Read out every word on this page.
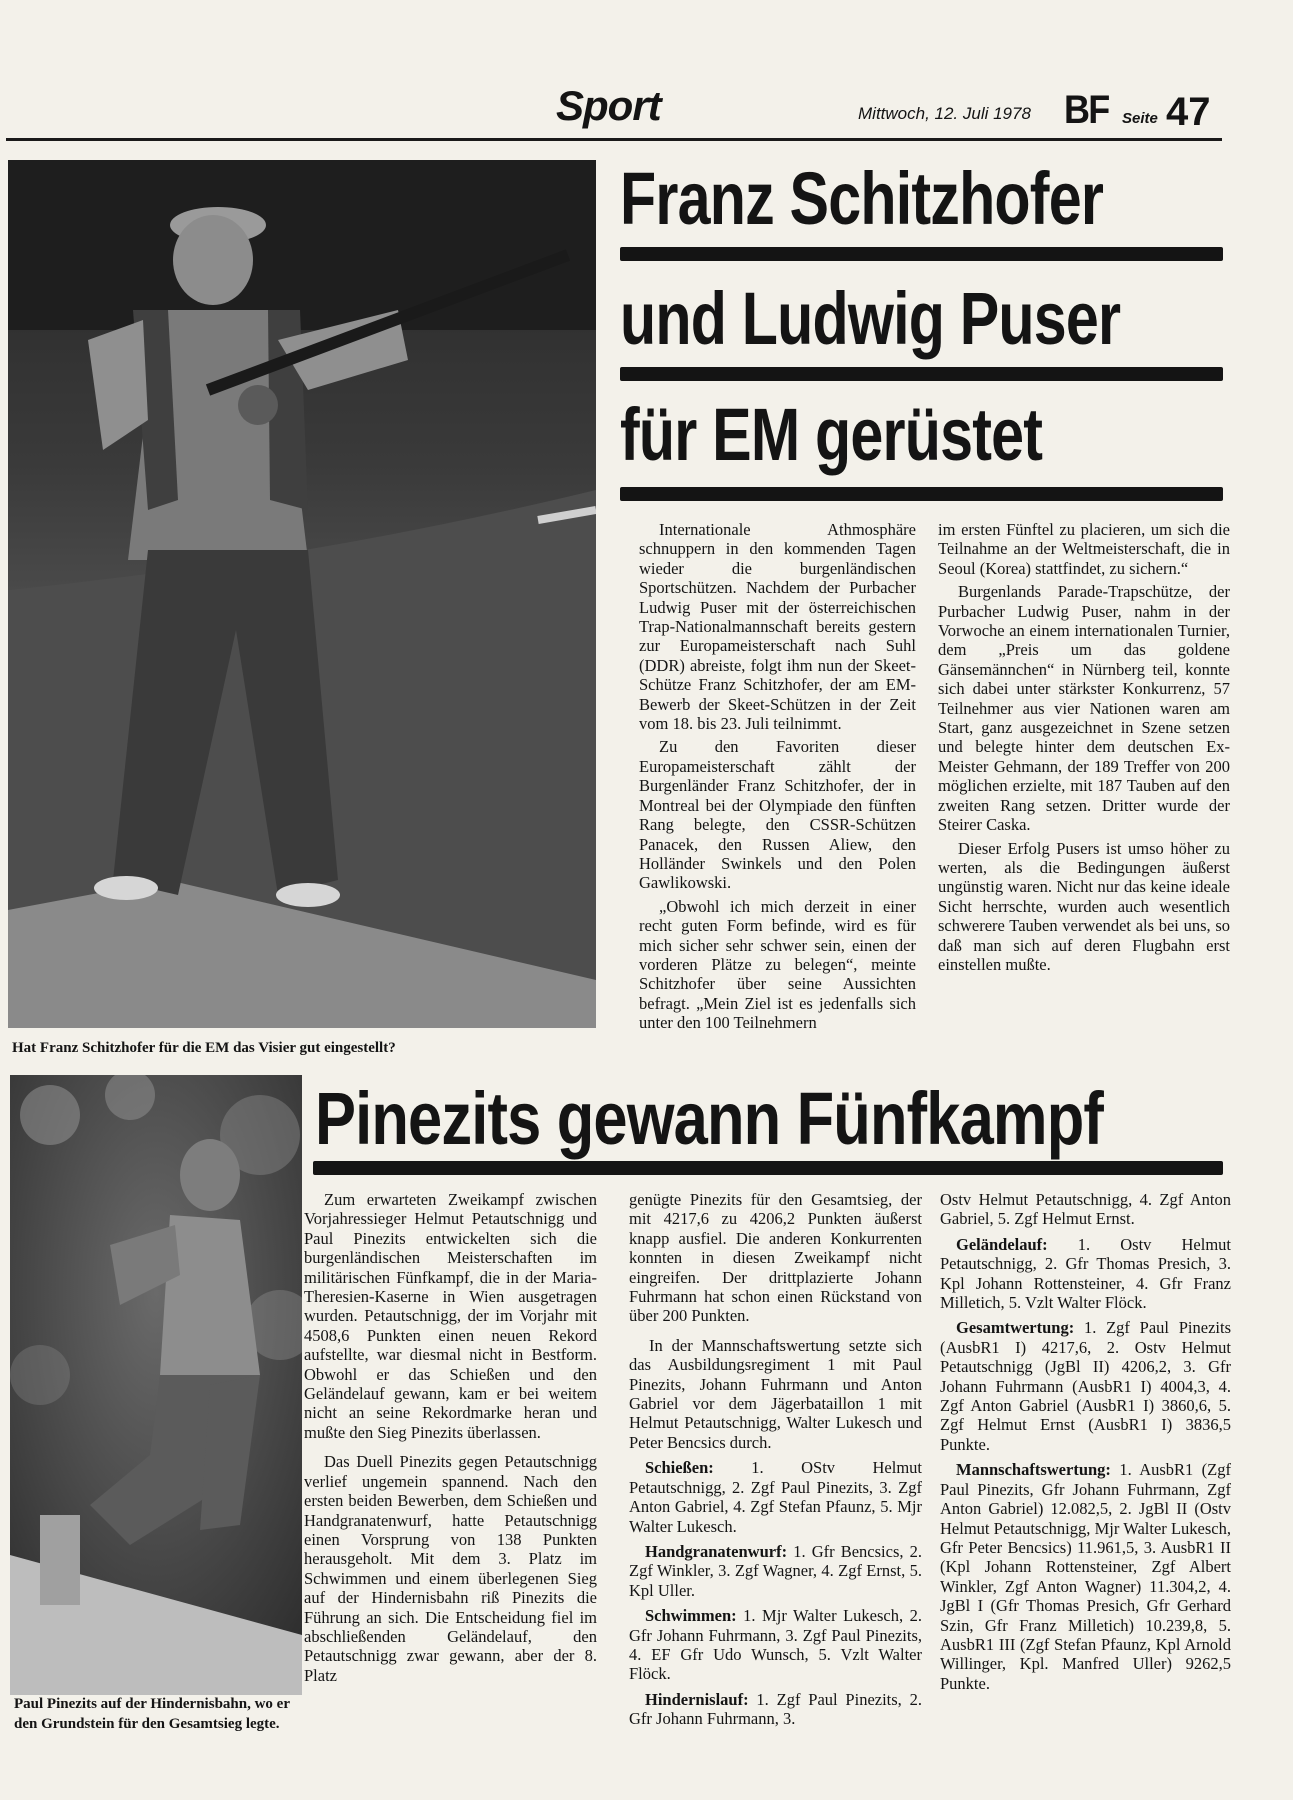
Sport	Mittwoch, 12. Juli 1978 BF Seite 47
Hat Franz Schitzhofer für die EM das Visier gut eingestellt?
Franz Schitzhofer
und Ludwig Puser
für EM gerüstet

Internationale Athmosphäre schnuppern in den kommenden Tagen wieder die burgenländischen Sportschützen. Nachdem der Purbacher Ludwig Puser mit der österreichischen Trap-Nationalmannschaft bereits gestern zur Europameisterschaft nach Suhl (DDR) abreiste, folgt ihm nun der Skeet-Schütze Franz Schitzhofer, der am EM-Bewerb der Skeet-Schützen in der Zeit vom 18. bis 23. Juli teilnimmt.

Zu den Favoriten dieser Europameisterschaft zählt der Burgenländer Franz Schitzhofer, der in Montreal bei der Olympiade den fünften Rang belegte, den CSSR-Schützen Panacek, den Russen Aliew, den Holländer Swinkels und den Polen Gawlikowski.

„Obwohl ich mich derzeit in einer recht guten Form befinde, wird es für mich sicher sehr schwer sein, einen der vorderen Plätze zu belegen“, meinte Schitzhofer über seine Aussichten befragt. „Mein Ziel ist es jedenfalls sich unter den 100 Teilnehmern

im ersten Fünftel zu placieren, um sich die Teilnahme an der Weltmeisterschaft, die in Seoul (Korea) stattfindet, zu sichern.“

Burgenlands Parade-Trapschütze, der Purbacher Ludwig Puser, nahm in der Vorwoche an einem internationalen Turnier, dem „Preis um das goldene Gänsemännchen“ in Nürnberg teil, konnte sich dabei unter stärkster Konkurrenz, 57 Teilnehmer aus vier Nationen waren am Start, ganz ausgezeichnet in Szene setzen und belegte hinter dem deutschen Ex-Meister Gehmann, der 189 Treffer von 200 möglichen erzielte, mit 187 Tauben auf den zweiten Rang setzen. Dritter wurde der Steirer Caska.

Dieser Erfolg Pusers ist umso höher zu werten, als die Bedingungen äußerst ungünstig waren. Nicht nur das keine ideale Sicht herrschte, wurden auch wesentlich schwerere Tauben verwendet als bei uns, so daß man sich auf deren Flugbahn erst einstellen mußte.

Paul Pinezits auf der Hindernisbahn, wo er den Grundstein für den Gesamtsieg legte.
Pinezits gewann Fünfkampf

Zum erwarteten Zweikampf zwischen Vorjahressieger Helmut Petautschnigg und Paul Pinezits entwickelten sich die burgenländischen Meisterschaften im militärischen Fünfkampf, die in der Maria-Theresien-Kaserne in Wien ausgetragen wurden. Petautschnigg, der im Vorjahr mit 4508,6 Punkten einen neuen Rekord aufstellte, war diesmal nicht in Bestform. Obwohl er das Schießen und den Geländelauf gewann, kam er bei weitem nicht an seine Rekordmarke heran und mußte den Sieg Pinezits überlassen.

Das Duell Pinezits gegen Petautschnigg verlief ungemein spannend. Nach den ersten beiden Bewerben, dem Schießen und Handgranatenwurf, hatte Petautschnigg einen Vorsprung von 138 Punkten herausgeholt. Mit dem 3. Platz im Schwimmen und einem überlegenen Sieg auf der Hindernisbahn riß Pinezits die Führung an sich. Die Entscheidung fiel im abschließenden Geländelauf, den Petautschnigg zwar gewann, aber der 8. Platz

genügte Pinezits für den Gesamtsieg, der mit 4217,6 zu 4206,2 Punkten äußerst knapp ausfiel. Die anderen Konkurrenten konnten in diesen Zweikampf nicht eingreifen. Der drittplazierte Johann Fuhrmann hat schon einen Rückstand von über 200 Punkten.

In der Mannschaftswertung setzte sich das Ausbildungsregiment 1 mit Paul Pinezits, Johann Fuhrmann und Anton Gabriel vor dem Jägerbataillon 1 mit Helmut Petautschnigg, Walter Lukesch und Peter Bencsics durch.

Schießen: 1. OStv Helmut Petautschnigg, 2. Zgf Paul Pinezits, 3. Zgf Anton Gabriel, 4. Zgf Stefan Pfaunz, 5. Mjr Walter Lukesch.

Handgranatenwurf: 1. Gfr Bencsics, 2. Zgf Winkler, 3. Zgf Wagner, 4. Zgf Ernst, 5. Kpl Uller.

Schwimmen: 1. Mjr Walter Lukesch, 2. Gfr Johann Fuhrmann, 3. Zgf Paul Pinezits, 4. EF Gfr Udo Wunsch, 5. Vzlt Walter Flöck.

Hindernislauf: 1. Zgf Paul Pinezits, 2. Gfr Johann Fuhrmann, 3.

Ostv Helmut Petautschnigg, 4. Zgf Anton Gabriel, 5. Zgf Helmut Ernst.

Geländelauf: 1. Ostv Helmut Petautschnigg, 2. Gfr Thomas Presich, 3. Kpl Johann Rottensteiner, 4. Gfr Franz Milletich, 5. Vzlt Walter Flöck.

Gesamtwertung: 1. Zgf Paul Pinezits (AusbR1 I) 4217,6, 2. Ostv Helmut Petautschnigg (JgBl II) 4206,2, 3. Gfr Johann Fuhrmann (AusbR1 I) 4004,3, 4. Zgf Anton Gabriel (AusbR1 I) 3860,6, 5. Zgf Helmut Ernst (AusbR1 I) 3836,5 Punkte.

Mannschaftswertung: 1. AusbR1 (Zgf Paul Pinezits, Gfr Johann Fuhrmann, Zgf Anton Gabriel) 12.082,5, 2. JgBl II (Ostv Helmut Petautschnigg, Mjr Walter Lukesch, Gfr Peter Bencsics) 11.961,5, 3. AusbR1 II (Kpl Johann Rottensteiner, Zgf Albert Winkler, Zgf Anton Wagner) 11.304,2, 4. JgBl I (Gfr Thomas Presich, Gfr Gerhard Szin, Gfr Franz Milletich) 10.239,8, 5. AusbR1 III (Zgf Stefan Pfaunz, Kpl Arnold Willinger, Kpl. Manfred Uller) 9262,5 Punkte.
